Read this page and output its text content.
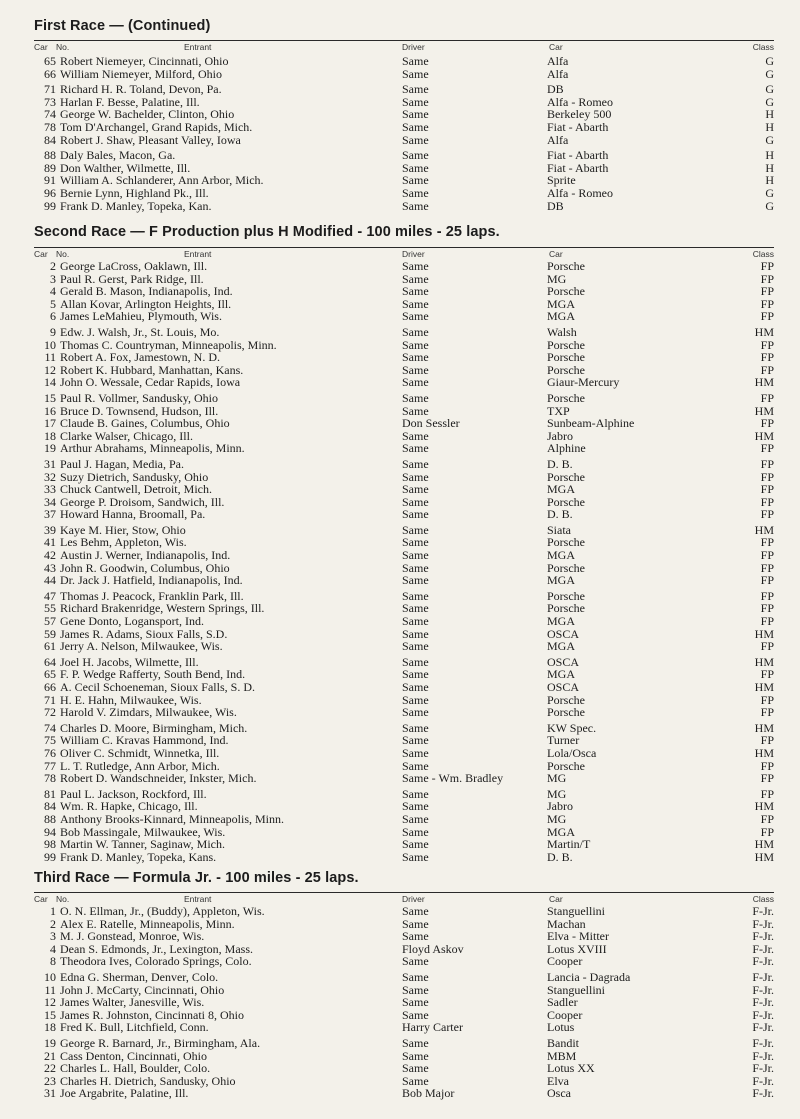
First Race — (Continued)
Car No.	Entrant	Driver	Car	Class
65 Robert Niemeyer, Cincinnati, Ohio	Same	Alfa	G
66 William Niemeyer, Milford, Ohio	Same	Alfa	G
71 Richard H. R. Toland, Devon, Pa.	Same	DB	G
73 Harlan F. Besse, Palatine, Ill.	Same	Alfa - Romeo	G
74 George W. Bachelder, Clinton, Ohio	Same	Berkeley 500	H
78 Tom D'Archangel, Grand Rapids, Mich.	Same	Fiat - Abarth	H
84 Robert J. Shaw, Pleasant Valley, Iowa	Same	Alfa	G
88 Daly Bales, Macon, Ga.	Same	Fiat - Abarth	H
89 Don Walther, Wilmette, Ill.	Same	Fiat - Abarth	H
91 William A. Schlanderer, Ann Arbor, Mich.	Same	Sprite	H
96 Bernie Lynn, Highland Pk., Ill.	Same	Alfa - Romeo	G
99 Frank D. Manley, Topeka, Kan.	Same	DB	G
Second Race — F Production plus H Modified - 100 miles - 25 laps.
Car No.	Entrant	Driver	Car	Class
2 George LaCross, Oaklawn, Ill.	Same	Porsche	FP
3 Paul R. Gerst, Park Ridge, Ill.	Same	MG	FP
4 Gerald B. Mason, Indianapolis, Ind.	Same	Porsche	FP
5 Allan Kovar, Arlington Heights, Ill.	Same	MGA	FP
6 James LeMahieu, Plymouth, Wis.	Same	MGA	FP
9 Edw. J. Walsh, Jr., St. Louis, Mo.	Same	Walsh	HM
10 Thomas C. Countryman, Minneapolis, Minn.	Same	Porsche	FP
11 Robert A. Fox, Jamestown, N. D.	Same	Porsche	FP
12 Robert K. Hubbard, Manhattan, Kans.	Same	Porsche	FP
14 John O. Wessale, Cedar Rapids, Iowa	Same	Giaur-Mercury	HM
15 Paul R. Vollmer, Sandusky, Ohio	Same	Porsche	FP
16 Bruce D. Townsend, Hudson, Ill.	Same	TXP	HM
17 Claude B. Gaines, Columbus, Ohio	Don Sessler	Sunbeam-Alphine	FP
18 Clarke Walser, Chicago, Ill.	Same	Jabro	HM
19 Arthur Abrahams, Minneapolis, Minn.	Same	Alphine	FP
31 Paul J. Hagan, Media, Pa.	Same	D. B.	FP
32 Suzy Dietrich, Sandusky, Ohio	Same	Porsche	FP
33 Chuck Cantwell, Detroit, Mich.	Same	MGA	FP
34 George P. Droisom, Sandwich, Ill.	Same	Porsche	FP
37 Howard Hanna, Broomall, Pa.	Same	D. B.	FP
39 Kaye M. Hier, Stow, Ohio	Same	Siata	HM
41 Les Behm, Appleton, Wis.	Same	Porsche	FP
42 Austin J. Werner, Indianapolis, Ind.	Same	MGA	FP
43 John R. Goodwin, Columbus, Ohio	Same	Porsche	FP
44 Dr. Jack J. Hatfield, Indianapolis, Ind.	Same	MGA	FP
47 Thomas J. Peacock, Franklin Park, Ill.	Same	Porsche	FP
55 Richard Brakenridge, Western Springs, Ill.	Same	Porsche	FP
57 Gene Donto, Logansport, Ind.	Same	MGA	FP
59 James R. Adams, Sioux Falls, S.D.	Same	OSCA	HM
61 Jerry A. Nelson, Milwaukee, Wis.	Same	MGA	FP
64 Joel H. Jacobs, Wilmette, Ill.	Same	OSCA	HM
65 F. P. Wedge Rafferty, South Bend, Ind.	Same	MGA	FP
66 A. Cecil Schoeneman, Sioux Falls, S. D.	Same	OSCA	HM
71 H. E. Hahn, Milwaukee, Wis.	Same	Porsche	FP
72 Harold V. Zimdars, Milwaukee, Wis.	Same	Porsche	FP
74 Charles D. Moore, Birmingham, Mich.	Same	KW Spec.	HM
75 William C. Kravas Hammond, Ind.	Same	Turner	FP
76 Oliver C. Schmidt, Winnetka, Ill.	Same	Lola/Osca	HM
77 L. T. Rutledge, Ann Arbor, Mich.	Same	Porsche	FP
78 Robert D. Wandschneider, Inkster, Mich.	Same - Wm. Bradley	MG	FP
81 Paul L. Jackson, Rockford, Ill.	Same	MG	FP
84 Wm. R. Hapke, Chicago, Ill.	Same	Jabro	HM
88 Anthony Brooks-Kinnard, Minneapolis, Minn.	Same	MG	FP
94 Bob Massingale, Milwaukee, Wis.	Same	MGA	FP
98 Martin W. Tanner, Saginaw, Mich.	Same	Martin/T	HM
99 Frank D. Manley, Topeka, Kans.	Same	D. B.	HM
Third Race — Formula Jr. - 100 miles - 25 laps.
Car No.	Entrant	Driver	Car	Class
1 O. N. Ellman, Jr., (Buddy), Appleton, Wis.	Same	Stanguellini	F-Jr.
2 Alex E. Ratelle, Minneapolis, Minn.	Same	Machan	F-Jr.
3 M. J. Gonstead, Monroe, Wis.	Same	Elva - Mitter	F-Jr.
4 Dean S. Edmonds, Jr., Lexington, Mass.	Floyd Askov	Lotus XVIII	F-Jr.
8 Theodora Ives, Colorado Springs, Colo.	Same	Cooper	F-Jr.
10 Edna G. Sherman, Denver, Colo.	Same	Lancia - Dagrada	F-Jr.
11 John J. McCarty, Cincinnati, Ohio	Same	Stanguellini	F-Jr.
12 James Walter, Janesville, Wis.	Same	Sadler	F-Jr.
15 James R. Johnston, Cincinnati 8, Ohio	Same	Cooper	F-Jr.
18 Fred K. Bull, Litchfield, Conn.	Harry Carter	Lotus	F-Jr.
19 George R. Barnard, Jr., Birmingham, Ala.	Same	Bandit	F-Jr.
21 Cass Denton, Cincinnati, Ohio	Same	MBM	F-Jr.
22 Charles L. Hall, Boulder, Colo.	Same	Lotus XX	F-Jr.
23 Charles H. Dietrich, Sandusky, Ohio	Same	Elva	F-Jr.
31 Joe Argabrite, Palatine, Ill.	Bob Major	Osca	F-Jr.
